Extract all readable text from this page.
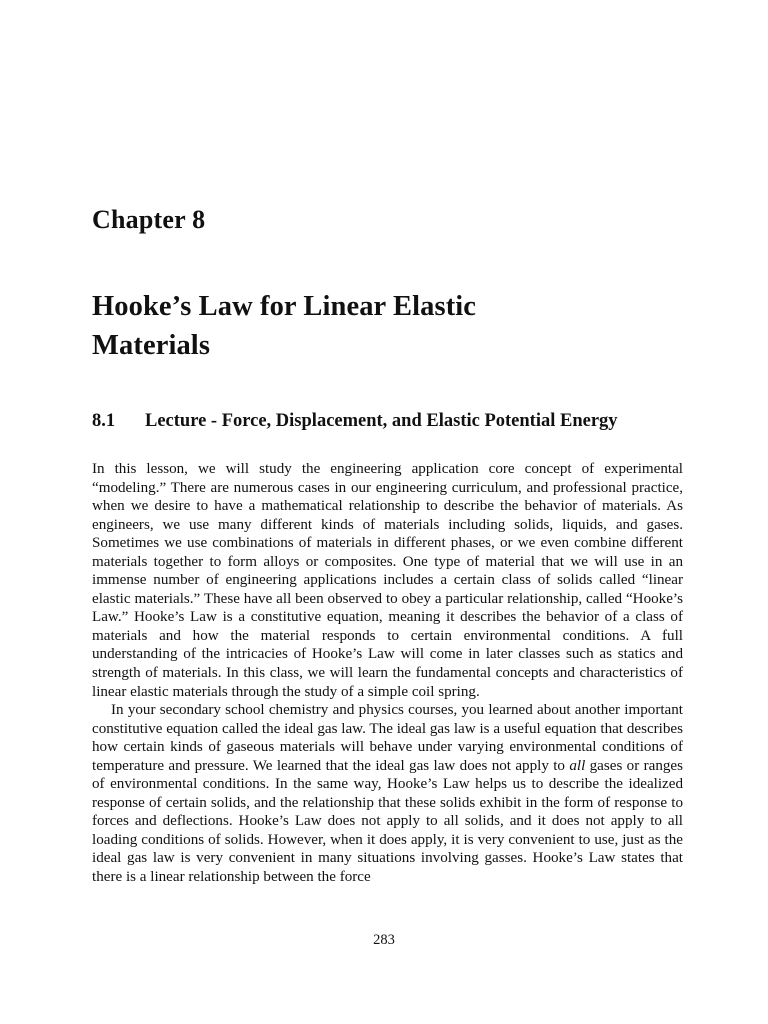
Chapter 8
Hooke’s Law for Linear Elastic Materials
8.1 Lecture - Force, Displacement, and Elastic Potential Energy

In this lesson, we will study the engineering application core concept of experimental “modeling.” There are numerous cases in our engineering curriculum, and professional practice, when we desire to have a mathematical relationship to describe the behavior of materials. As engineers, we use many different kinds of materials including solids, liquids, and gases. Sometimes we use combinations of materials in different phases, or we even combine different materials together to form alloys or composites. One type of material that we will use in an immense number of engineering applications includes a certain class of solids called “linear elastic materials.” These have all been observed to obey a particular relationship, called “Hooke’s Law.” Hooke’s Law is a constitutive equation, meaning it describes the behavior of a class of materials and how the material responds to certain environmental conditions. A full understanding of the intricacies of Hooke’s Law will come in later classes such as statics and strength of materials. In this class, we will learn the fundamental concepts and characteristics of linear elastic materials through the study of a simple coil spring.

In your secondary school chemistry and physics courses, you learned about another important constitutive equation called the ideal gas law. The ideal gas law is a useful equation that describes how certain kinds of gaseous materials will behave under varying environmental conditions of temperature and pressure. We learned that the ideal gas law does not apply to all gases or ranges of environmental conditions. In the same way, Hooke’s Law helps us to describe the idealized response of certain solids, and the relationship that these solids exhibit in the form of response to forces and deflections. Hooke’s Law does not apply to all solids, and it does not apply to all loading conditions of solids. However, when it does apply, it is very convenient to use, just as the ideal gas law is very convenient in many situations involving gasses. Hooke’s Law states that there is a linear relationship between the force

283
